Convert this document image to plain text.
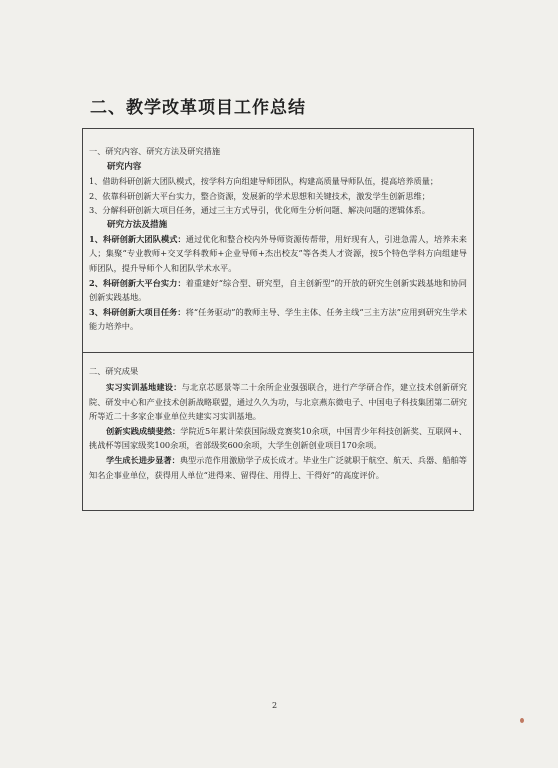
二、教学改革项目工作总结
一、研究内容、研究方法及研究措施
研究内容
1、借助科研创新大团队模式，按学科方向组建导师团队，构建高质量导师队伍，提高培养质量；
2、依靠科研创新大平台实力，整合资源，发展新的学术思想和关键技术，激发学生创新思维；
3、分解科研创新大项目任务，通过三主方式导引，优化师生分析问题、解决问题的逻辑体系。
研究方法及措施
1、科研创新大团队模式：通过优化和整合校内外导师资源传帮带，用好现有人，引进急需人，培养未来人；集聚“专业教师+交叉学科教师+企业导师+杰出校友”等各类人才资源，按5个特色学科方向组建导师团队，提升导师个人和团队学术水平。
2、科研创新大平台实力：着重建好“综合型、研究型，自主创新型”的开放的研究生创新实践基地和协同创新实践基地。
3、科研创新大项目任务：将“任务驱动”的教师主导、学生主体、任务主线“三主方法”应用到研究生学术能力培养中。
二、研究成果
实习实训基地建设：与北京芯愿景等二十余所企业强强联合，进行产学研合作，建立技术创新研究院、研发中心和产业技术创新战略联盟，通过久久为功，与北京燕东微电子、中国电子科技集团第二研究所等近二十多家企事业单位共建实习实训基地。
创新实践成绩斐然：学院近5年累计荣获国际级竞赛奖10余项，中国青少年科技创新奖、互联网+、挑战杯等国家级奖100余项，省部级奖600余项，大学生创新创业项目170余项。
学生成长进步显著：典型示范作用激励学子成长成才。毕业生广泛就职于航空、航天、兵器、船舶等知名企事业单位，获得用人单位“进得来、留得住、用得上、干得好”的高度评价。
2
